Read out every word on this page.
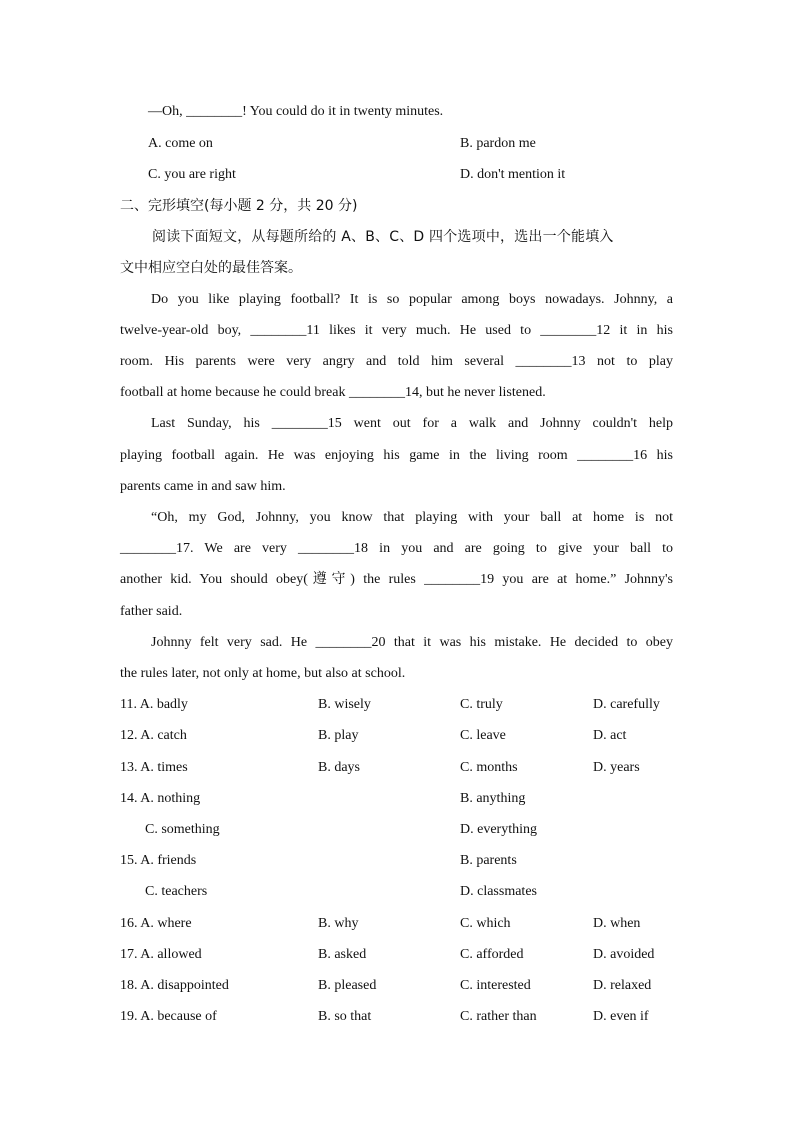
—Oh, ________! You could do it in twenty minutes.
A. come on	B. pardon me
C. you are right	D. don't mention it
二、完形填空(每小题 2 分，共 20 分)
阅读下面短文，从每题所给的 A、B、C、D 四个选项中，选出一个能填入
文中相应空白处的最佳答案。
Do you like playing football? It is so popular among boys nowadays. Johnny, a
twelve-year-old boy, ________11 likes it very much. He used to ________12 it in his
room. His parents were very angry and told him several ________13 not to play
football at home because he could break ________14, but he never listened.
Last Sunday, his ________15 went out for a walk and Johnny couldn't help
playing football again. He was enjoying his game in the living room ________16 his
parents came in and saw him.
“Oh, my God, Johnny, you know that playing with your ball at home is not
________17. We are very ________18 in you and are going to give your ball to
another kid. You should obey(遵守) the rules ________19 you are at home.” Johnny's
father said.
Johnny felt very sad. He ________20 that it was his mistake. He decided to obey
the rules later, not only at home, but also at school.
11. A. badly	B. wisely	C. truly	D. carefully
12. A. catch	B. play	C. leave	D. act
13. A. times	B. days	C. months	D. years
14. A. nothing	B. anything
C. something	D. everything
15. A. friends	B. parents
C. teachers	D. classmates
16. A. where	B. why	C. which	D. when
17. A. allowed	B. asked	C. afforded	D. avoided
18. A. disappointed	B. pleased	C. interested	D. relaxed
19. A. because of	B. so that	C. rather than	D. even if
